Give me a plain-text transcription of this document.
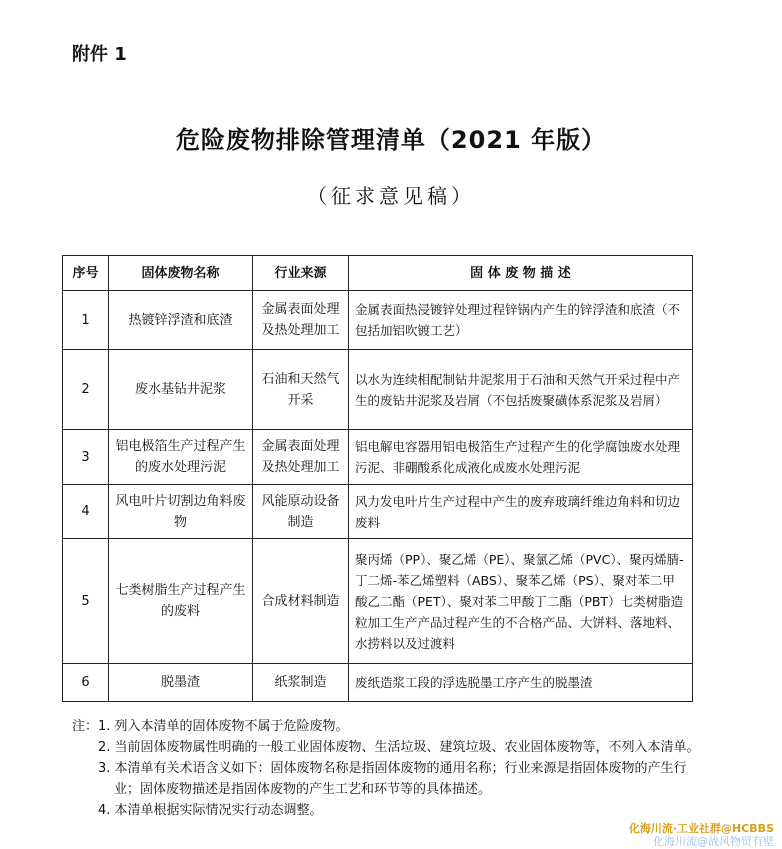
附件 1
危险废物排除管理清单（2021 年版）
（征求意见稿）
序号	固体废物名称	行业来源	固 体 废 物 描 述
1	热镀锌浮渣和底渣	金属表面处理及热处理加工	金属表面热浸镀锌处理过程锌锅内产生的锌浮渣和底渣（不包括加铝吹镀工艺）
2	废水基钻井泥浆	石油和天然气开采	以水为连续相配制钻井泥浆用于石油和天然气开采过程中产生的废钻井泥浆及岩屑（不包括废聚磺体系泥浆及岩屑）
3	铝电极箔生产过程产生的废水处理污泥	金属表面处理及热处理加工	铝电解电容器用铝电极箔生产过程产生的化学腐蚀废水处理污泥、非硼酸系化成液化成废水处理污泥
4	风电叶片切割边角料废物	风能原动设备制造	风力发电叶片生产过程中产生的废弃玻璃纤维边角料和切边废料
5	七类树脂生产过程产生的废料	合成材料制造	聚丙烯（PP）、聚乙烯（PE）、聚氯乙烯（PVC）、聚丙烯腈-丁二烯-苯乙烯塑料（ABS）、聚苯乙烯（PS）、聚对苯二甲酸乙二酯（PET）、聚对苯二甲酸丁二酯（PBT）七类树脂造粒加工生产产品过程产生的不合格产品、大饼料、落地料、水捞料以及过渡料
6	脱墨渣	纸浆制造	废纸造浆工段的浮选脱墨工序产生的脱墨渣
注： 1. 列入本清单的固体废物不属于危险废物。
2. 当前固体废物属性明确的一般工业固体废物、生活垃圾、建筑垃圾、农业固体废物等，不列入本清单。
3. 本清单有关术语含义如下：固体废物名称是指固体废物的通用名称；行业来源是指固体废物的产生行业；固体废物描述是指固体废物的产生工艺和环节等的具体描述。
4. 本清单根据实际情况实行动态调整。
化海川流·工业社群@HCBBS
化海川流@战风物贸有壁
